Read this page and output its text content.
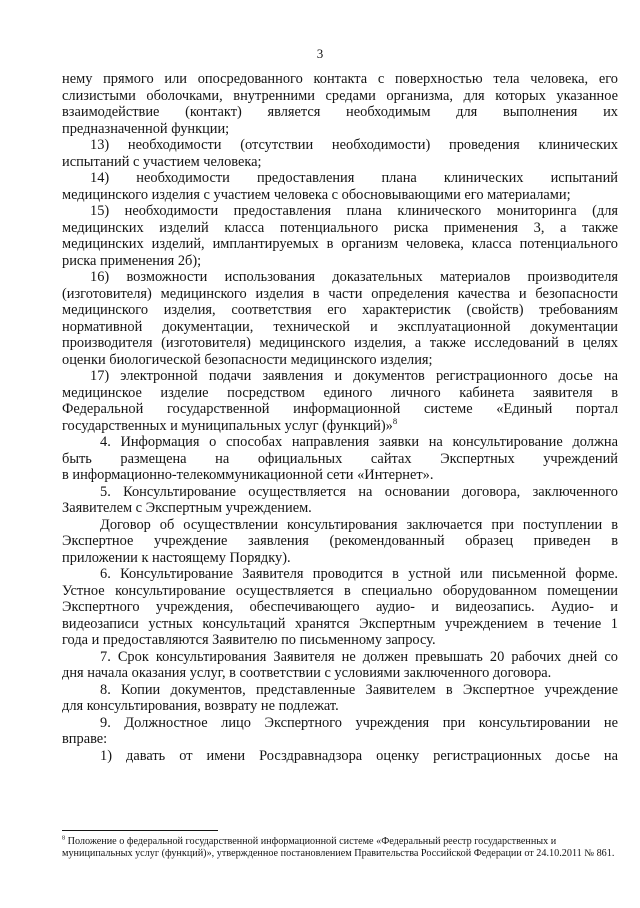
3
нему прямого или опосредованного контакта с поверхностью тела человека, его
слизистыми оболочками, внутренними средами организма, для которых указанное
взаимодействие (контакт) является необходимым для выполнения их
предназначенной функции;
13) необходимости (отсутствии необходимости) проведения клинических
испытаний с участием человека;
14) необходимости предоставления плана клинических испытаний
медицинского изделия с участием человека с обосновывающими его материалами;
15) необходимости предоставления плана клинического мониторинга (для
медицинских изделий класса потенциального риска применения 3, а также
медицинских изделий, имплантируемых в организм человека, класса потенциального
риска применения 2б);
16) возможности использования доказательных материалов производителя
(изготовителя) медицинского изделия в части определения качества и безопасности
медицинского изделия, соответствия его характеристик (свойств) требованиям
нормативной документации, технической и эксплуатационной документации
производителя (изготовителя) медицинского изделия, а также исследований в целях
оценки биологической безопасности медицинского изделия;
17) электронной подачи заявления и документов регистрационного досье на
медицинское изделие посредством единого личного кабинета заявителя в
Федеральной государственной информационной системе «Единый портал
государственных и муниципальных услуг (функций)»$^8$
4. Информация о способах направления заявки на консультирование должна
быть размещена на официальных сайтах Экспертных учреждений
в информационно-телекоммуникационной сети «Интернет».
5. Консультирование осуществляется на основании договора, заключенного
Заявителем с Экспертным учреждением.
Договор об осуществлении консультирования заключается при поступлении в
Экспертное учреждение заявления (рекомендованный образец приведен в
приложении к настоящему Порядку).
6. Консультирование Заявителя проводится в устной или письменной форме.
Устное консультирование осуществляется в специально оборудованном помещении
Экспертного учреждения, обеспечивающего аудио- и видеозапись. Аудио- и
видеозаписи устных консультаций хранятся Экспертным учреждением в течение 1
года и предоставляются Заявителю по письменному запросу.
7. Срок консультирования Заявителя не должен превышать 20 рабочих дней со
дня начала оказания услуг, в соответствии с условиями заключенного договора.
8. Копии документов, представленные Заявителем в Экспертное учреждение
для консультирования, возврату не подлежат.
9. Должностное лицо Экспертного учреждения при консультировании не
вправе:
1) давать от имени Росздравнадзора оценку регистрационных досье на
$^8$ Положение о федеральной государственной информационной системе «Федеральный реестр государственных и муниципальных услуг (функций)», утвержденное постановлением Правительства Российской Федерации от 24.10.2011 № 861.
